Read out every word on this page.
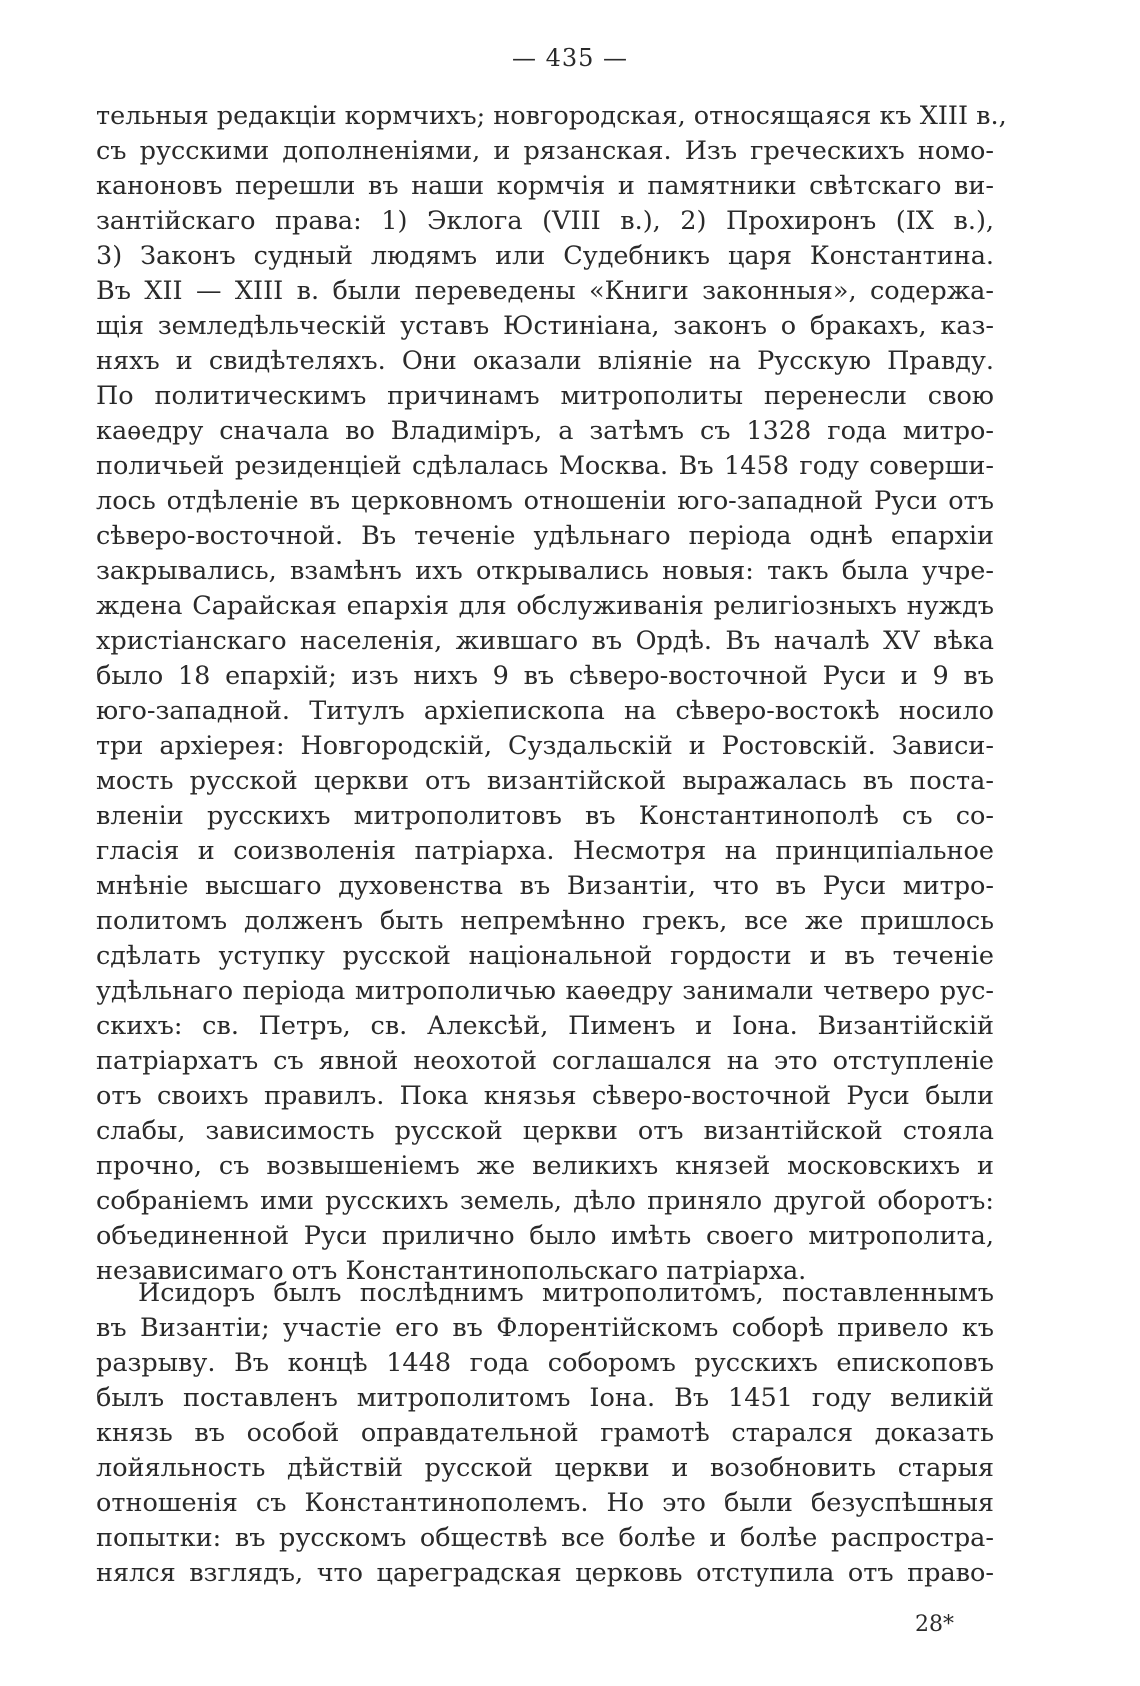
— 435 —
тельныя редакціи кормчихъ; новгородская, относящаяся къ XIII в.,
съ русскими дополненіями, и рязанская. Изъ греческихъ номо-
каноновъ перешли въ наши кормчія и памятники свѣтскаго ви-
зантійскаго права: 1) Эклога (VIII в.), 2) Прохиронъ (IX в.),
3) Законъ судный людямъ или Судебникъ царя Константина.
Въ XII — XIII в. были переведены «Книги законныя», содержа-
щія земледѣльческій уставъ Юстиніана, законъ о бракахъ, каз-
няхъ и свидѣтеляхъ. Они оказали вліяніе на Русскую Правду.
По политическимъ причинамъ митрополиты перенесли свою
каѳедру сначала во Владиміръ, а затѣмъ съ 1328 года митро-
поличьей резиденціей сдѣлалась Москва. Въ 1458 году соверши-
лось отдѣленіе въ церковномъ отношеніи юго-западной Руси отъ
сѣверо-восточной. Въ теченіе удѣльнаго періода однѣ епархіи
закрывались, взамѣнъ ихъ открывались новыя: такъ была учре-
ждена Сарайская епархія для обслуживанія религіозныхъ нуждъ
христіанскаго населенія, жившаго въ Ордѣ. Въ началѣ XV вѣка
было 18 епархій; изъ нихъ 9 въ сѣверо-восточной Руси и 9 въ
юго-западной. Титулъ архіепископа на сѣверо-востокѣ носило
три архіерея: Новгородскій, Суздальскій и Ростовскій. Зависи-
мость русской церкви отъ византійской выражалась въ поста-
вленіи русскихъ митрополитовъ въ Константинополѣ съ со-
гласія и соизволенія патріарха. Несмотря на принципіальное
мнѣніе высшаго духовенства въ Византіи, что въ Руси митро-
политомъ долженъ быть непремѣнно грекъ, все же пришлось
сдѣлать уступку русской національной гордости и въ теченіе
удѣльнаго періода митрополичью каѳедру занимали четверо рус-
скихъ: св. Петръ, св. Алексѣй, Пименъ и Іона. Византійскій
патріархатъ съ явной неохотой соглашался на это отступленіе
отъ своихъ правилъ. Пока князья сѣверо-восточной Руси были
слабы, зависимость русской церкви отъ византійской стояла
прочно, съ возвышеніемъ же великихъ князей московскихъ и
собраніемъ ими русскихъ земель, дѣло приняло другой оборотъ:
объединенной Руси прилично было имѣть своего митрополита,
независимаго отъ Константинопольскаго патріарха.
Исидоръ былъ послѣднимъ митрополитомъ, поставленнымъ
въ Византіи; участіе его въ Флорентійскомъ соборѣ привело къ
разрыву. Въ концѣ 1448 года соборомъ русскихъ епископовъ
былъ поставленъ митрополитомъ Іона. Въ 1451 году великій
князь въ особой оправдательной грамотѣ старался доказать
лойяльность дѣйствій русской церкви и возобновить старыя
отношенія съ Константинополемъ. Но это были безуспѣшныя
попытки: въ русскомъ обществѣ все болѣе и болѣе распростра-
нялся взглядъ, что цареградская церковь отступила отъ право-
28*
